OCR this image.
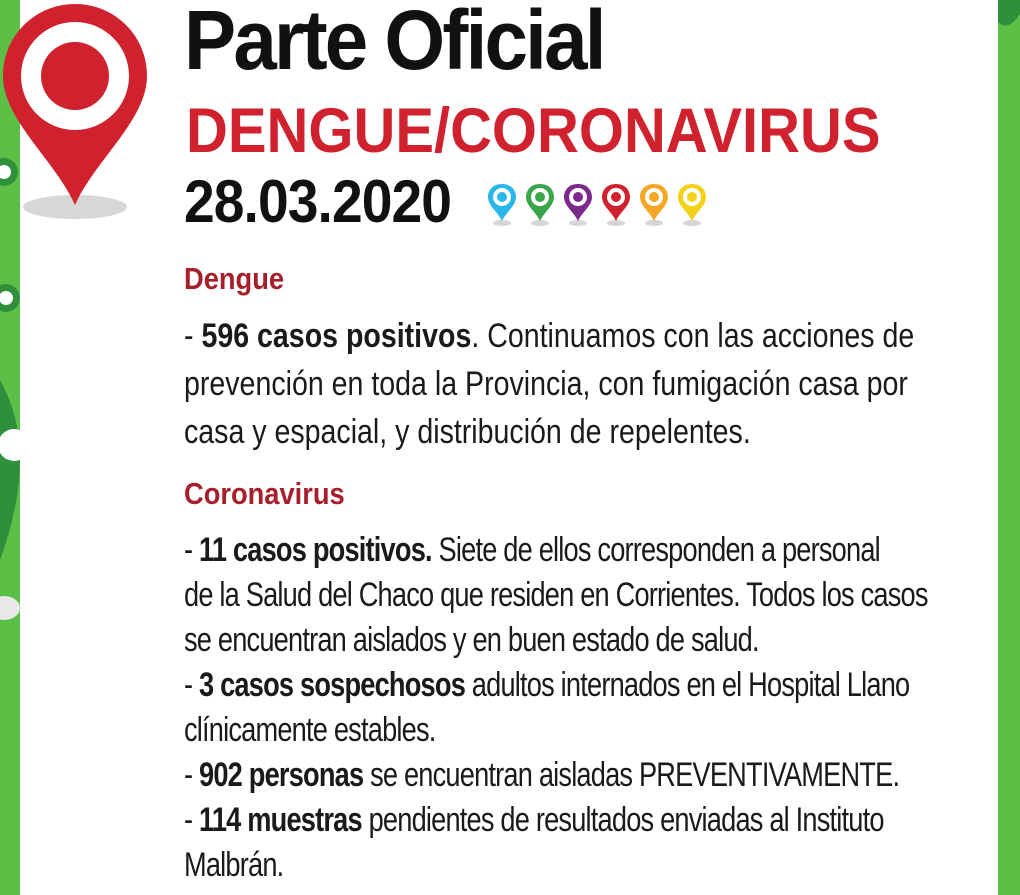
Parte Oficial
DENGUE/CORONAVIRUS
28.03.2020
Dengue
- 596 casos positivos. Continuamos con las acciones de
prevención en toda la Provincia, con fumigación casa por
casa y espacial, y distribución de repelentes.
Coronavirus
- 11 casos positivos. Siete de ellos corresponden a personal
de la Salud del Chaco que residen en Corrientes. Todos los casos
se encuentran aislados y en buen estado de salud.
- 3 casos sospechosos adultos internados en el Hospital Llano
clínicamente estables.
- 902 personas se encuentran aisladas PREVENTIVAMENTE.
- 114 muestras pendientes de resultados enviadas al Instituto
Malbrán.
